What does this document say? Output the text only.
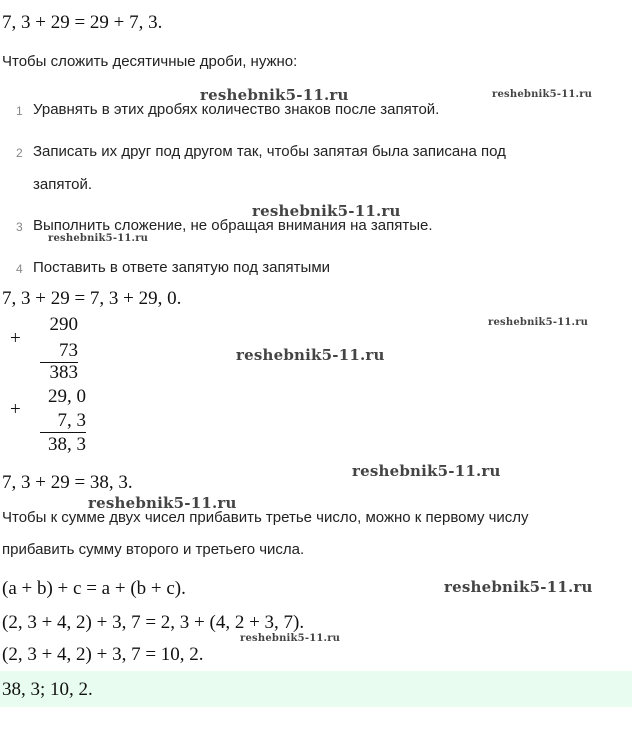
7, 3 + 29 = 29 + 7, 3.
Чтобы сложить десятичные дроби, нужно:
1 Уравнять в этих дробях количество знаков после запятой.
2 Записать их друг под другом так, чтобы запятая была записана под
запятой.
3 Выполнить сложение, не обращая внимания на запятые.
4 Поставить в ответе запятую под запятыми
7, 3 + 29 = 7, 3 + 29, 0.
+
290
73
383
+
29, 0
7, 3
38, 3
7, 3 + 29 = 38, 3.
Чтобы к сумме двух чисел прибавить третье число, можно к первому числу
прибавить сумму второго и третьего числа.
(a + b) + c = a + (b + c).
(2, 3 + 4, 2) + 3, 7 = 2, 3 + (4, 2 + 3, 7).
(2, 3 + 4, 2) + 3, 7 = 10, 2.
38, 3; 10, 2.
reshebnik5-11.ru	reshebnik5-11.ru
reshebnik5-11.ru
reshebnik5-11.ru
reshebnik5-11.ru
reshebnik5-11.ru
reshebnik5-11.ru
reshebnik5-11.ru
reshebnik5-11.ru
reshebnik5-11.ru
